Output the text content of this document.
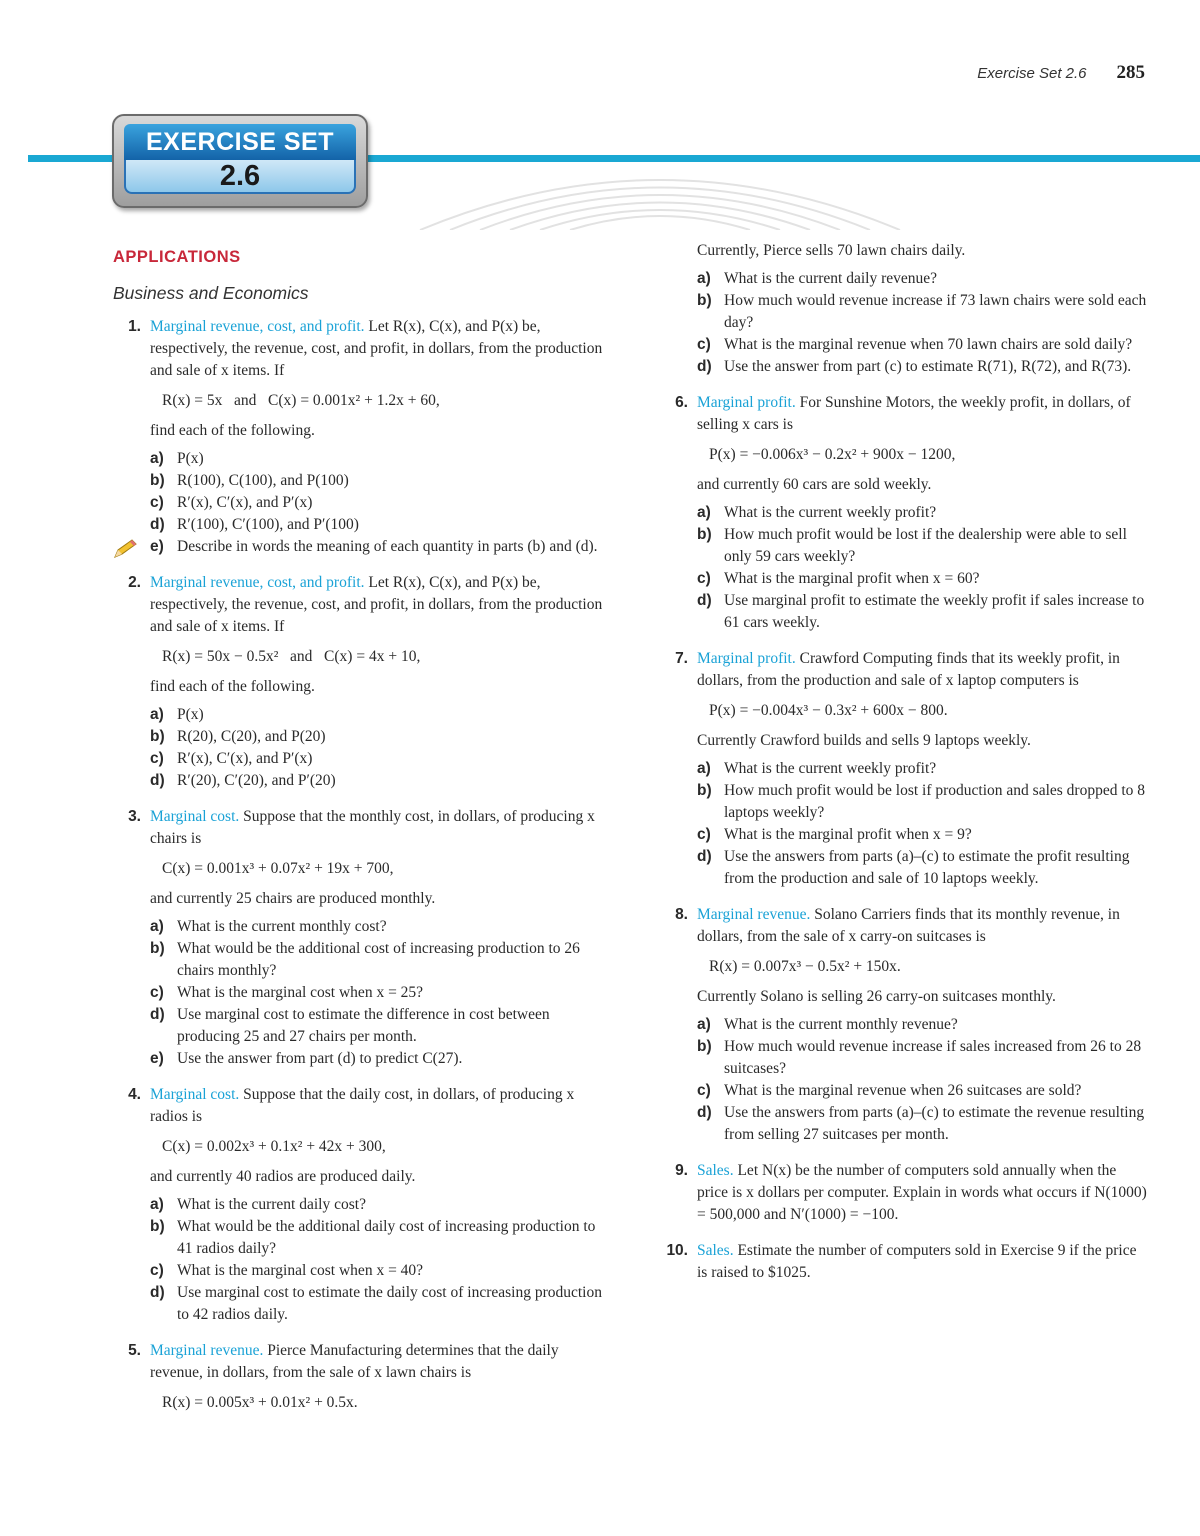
Exercise Set 2.6 285
EXERCISE SET
2.6
APPLICATIONS
Business and Economics
1. Marginal revenue, cost, and profit. Let R(x), C(x), and P(x) be, respectively, the revenue, cost, and profit, in dollars, from the production and sale of x items. If

R(x) = 5x   and   C(x) = 0.001x² + 1.2x + 60,

find each of the following.

a) P(x)
b) R(100), C(100), and P(100)
c) R′(x), C′(x), and P′(x)
d) R′(100), C′(100), and P′(100)
e) Describe in words the meaning of each quantity in parts (b) and (d).
2. Marginal revenue, cost, and profit. Let R(x), C(x), and P(x) be, respectively, the revenue, cost, and profit, in dollars, from the production and sale of x items. If

R(x) = 50x − 0.5x²   and   C(x) = 4x + 10,

find each of the following.

a) P(x)
b) R(20), C(20), and P(20)
c) R′(x), C′(x), and P′(x)
d) R′(20), C′(20), and P′(20)
3. Marginal cost. Suppose that the monthly cost, in dollars, of producing x chairs is

C(x) = 0.001x³ + 0.07x² + 19x + 700,

and currently 25 chairs are produced monthly.

a) What is the current monthly cost?
b) What would be the additional cost of increasing production to 26 chairs monthly?
c) What is the marginal cost when x = 25?
d) Use marginal cost to estimate the difference in cost between producing 25 and 27 chairs per month.
e) Use the answer from part (d) to predict C(27).
4. Marginal cost. Suppose that the daily cost, in dollars, of producing x radios is

C(x) = 0.002x³ + 0.1x² + 42x + 300,

and currently 40 radios are produced daily.

a) What is the current daily cost?
b) What would be the additional daily cost of increasing production to 41 radios daily?
c) What is the marginal cost when x = 40?
d) Use marginal cost to estimate the daily cost of increasing production to 42 radios daily.
5. Marginal revenue. Pierce Manufacturing determines that the daily revenue, in dollars, from the sale of x lawn chairs is

R(x) = 0.005x³ + 0.01x² + 0.5x.

Currently, Pierce sells 70 lawn chairs daily.

a) What is the current daily revenue?
b) How much would revenue increase if 73 lawn chairs were sold each day?
c) What is the marginal revenue when 70 lawn chairs are sold daily?
d) Use the answer from part (c) to estimate R(71), R(72), and R(73).
6. Marginal profit. For Sunshine Motors, the weekly profit, in dollars, of selling x cars is

P(x) = −0.006x³ − 0.2x² + 900x − 1200,

and currently 60 cars are sold weekly.

a) What is the current weekly profit?
b) How much profit would be lost if the dealership were able to sell only 59 cars weekly?
c) What is the marginal profit when x = 60?
d) Use marginal profit to estimate the weekly profit if sales increase to 61 cars weekly.
7. Marginal profit. Crawford Computing finds that its weekly profit, in dollars, from the production and sale of x laptop computers is

P(x) = −0.004x³ − 0.3x² + 600x − 800.

Currently Crawford builds and sells 9 laptops weekly.

a) What is the current weekly profit?
b) How much profit would be lost if production and sales dropped to 8 laptops weekly?
c) What is the marginal profit when x = 9?
d) Use the answers from parts (a)–(c) to estimate the profit resulting from the production and sale of 10 laptops weekly.
8. Marginal revenue. Solano Carriers finds that its monthly revenue, in dollars, from the sale of x carry-on suitcases is

R(x) = 0.007x³ − 0.5x² + 150x.

Currently Solano is selling 26 carry-on suitcases monthly.

a) What is the current monthly revenue?
b) How much would revenue increase if sales increased from 26 to 28 suitcases?
c) What is the marginal revenue when 26 suitcases are sold?
d) Use the answers from parts (a)–(c) to estimate the revenue resulting from selling 27 suitcases per month.
9. Sales. Let N(x) be the number of computers sold annually when the price is x dollars per computer. Explain in words what occurs if N(1000) = 500,000 and N′(1000) = −100.

10. Sales. Estimate the number of computers sold in Exercise 9 if the price is raised to $1025.
